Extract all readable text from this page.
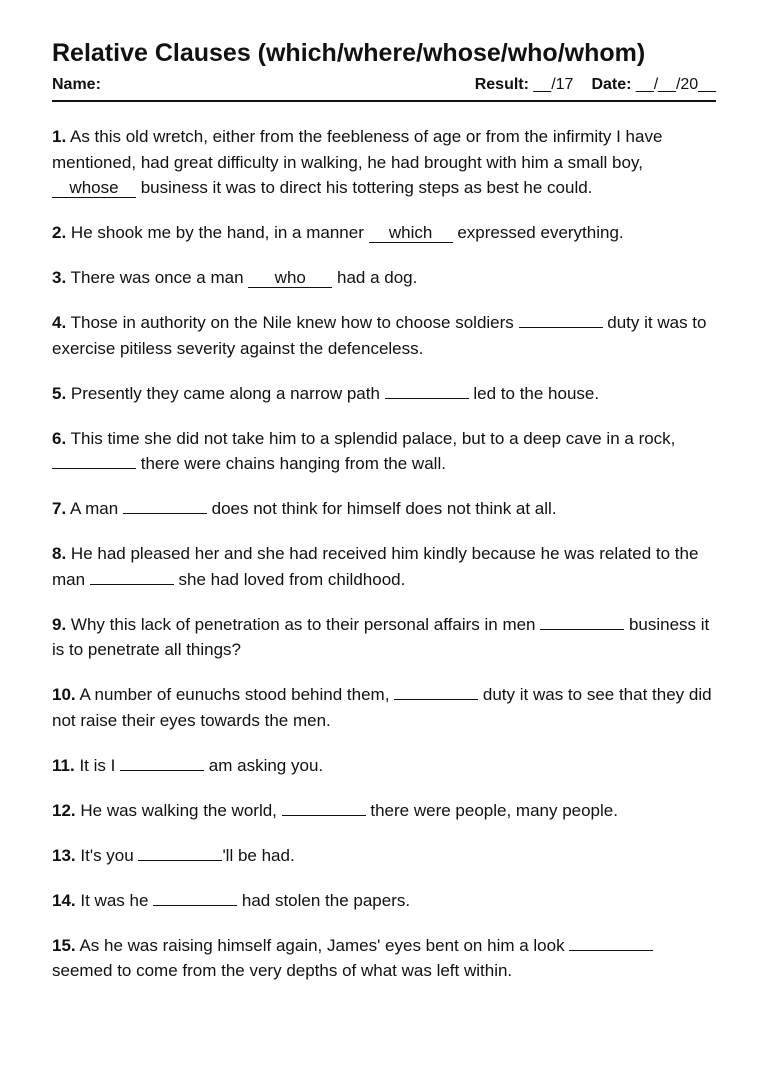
Relative Clauses (which/where/whose/who/whom)
Name:	Result: __/17 Date: __/__/20__

1. As this old wretch, either from the feebleness of age or from the infirmity I have mentioned, had great difficulty in walking, he had brought with him a small boy, whose business it was to direct his tottering steps as best he could.

2. He shook me by the hand, in a manner which expressed everything.

3. There was once a man who had a dog.

4. Those in authority on the Nile knew how to choose soldiers	duty it was to exercise pitiless severity against the defenceless.

5. Presently they came along a narrow path	led to the house.

6. This time she did not take him to a splendid palace, but to a deep cave in a rock,  there were chains hanging from the wall.

7. A man	does not think for himself does not think at all.

8. He had pleased her and she had received him kindly because he was related to the man	she had loved from childhood.

9. Why this lack of penetration as to their personal affairs in men	business it is to penetrate all things?

10. A number of eunuchs stood behind them,	duty it was to see that they did not raise their eyes towards the men.

11. It is I	am asking you.

12. He was walking the world,	there were people, many people.

13. It's you	'll be had.

14. It was he	had stolen the papers.

15. As he was raising himself again, James' eyes bent on him a look  seemed to come from the very depths of what was left within.
